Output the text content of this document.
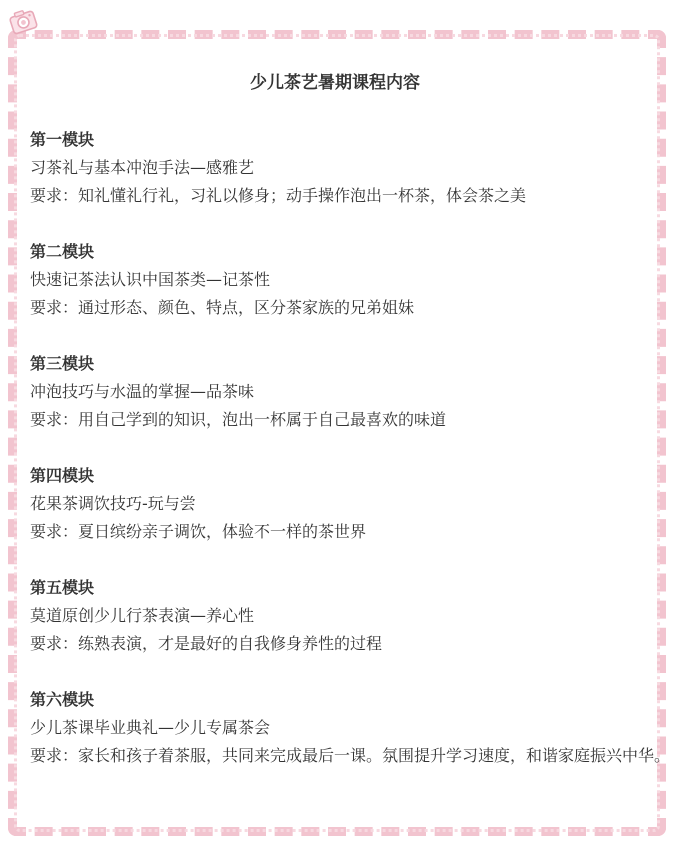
少儿茶艺暑期课程内容
第一模块
习茶礼与基本冲泡手法—感雅艺
要求：知礼懂礼行礼，习礼以修身；动手操作泡出一杯茶，体会茶之美
第二模块
快速记茶法认识中国茶类—记茶性
要求：通过形态、颜色、特点，区分茶家族的兄弟姐妹
第三模块
冲泡技巧与水温的掌握—品茶味
要求：用自己学到的知识，泡出一杯属于自己最喜欢的味道
第四模块
花果茶调饮技巧-玩与尝
要求：夏日缤纷亲子调饮，体验不一样的茶世界
第五模块
莫道原创少儿行茶表演—养心性
要求：练熟表演，才是最好的自我修身养性的过程
第六模块
少儿茶课毕业典礼—少儿专属茶会
要求：家长和孩子着茶服，共同来完成最后一课。氛围提升学习速度，和谐家庭振兴中华。
